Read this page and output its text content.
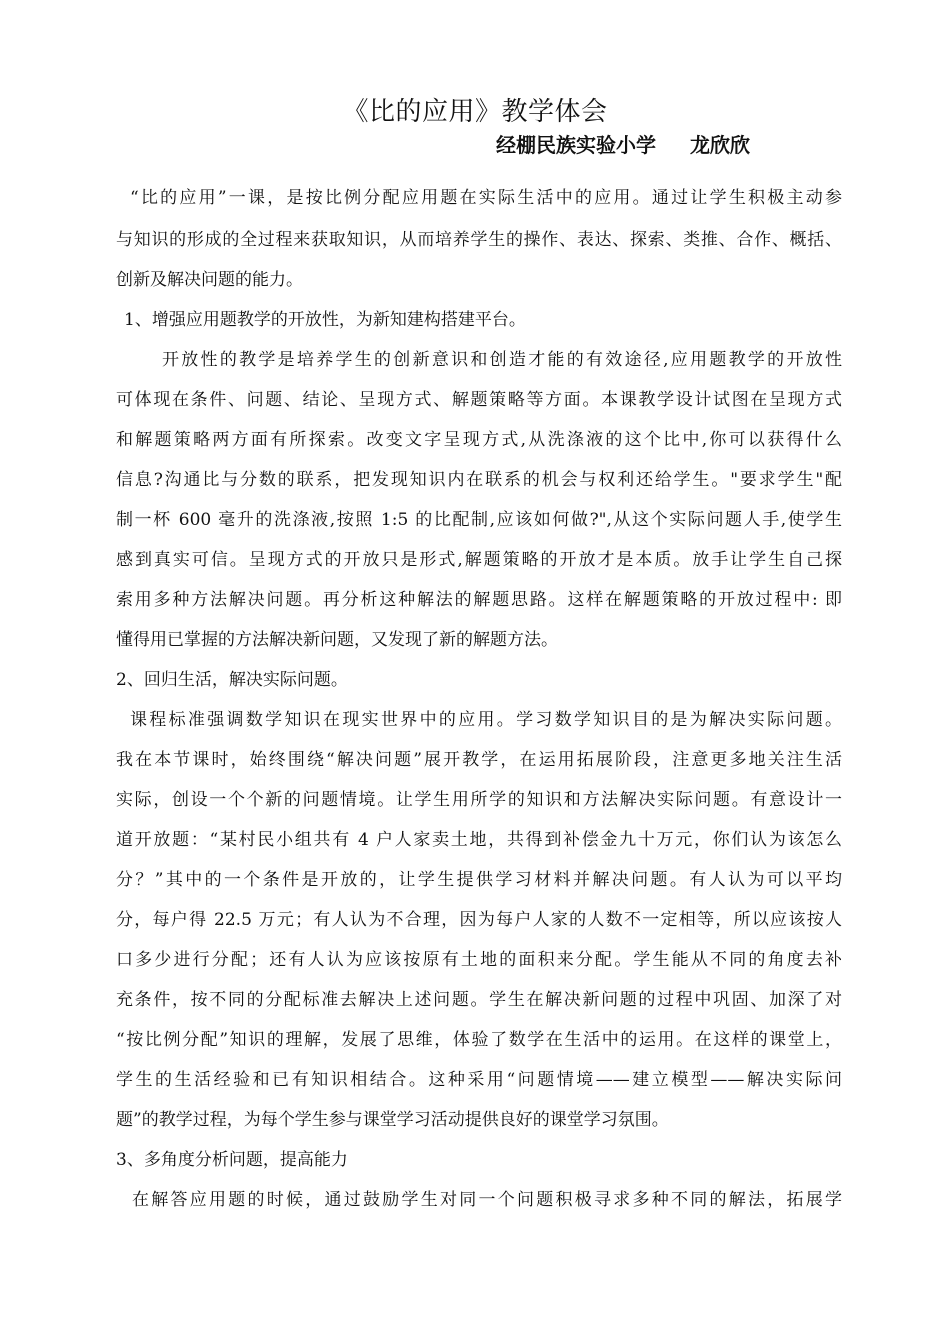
《比的应用》教学体会
经棚民族实验小学 龙欣欣
“比的应用”一课，是按比例分配应用题在实际生活中的应用。通过让学生积极主动参
与知识的形成的全过程来获取知识，从而培养学生的操作、表达、探索、类推、合作、概括、
创新及解决问题的能力。
1、增强应用题教学的开放性，为新知建构搭建平台。
开放性的教学是培养学生的创新意识和创造才能的有效途径,应用题教学的开放性
可体现在条件、问题、结论、呈现方式、解题策略等方面。本课教学设计试图在呈现方式
和解题策略两方面有所探索。改变文字呈现方式,从洗涤液的这个比中,你可以获得什么
信息?沟通比与分数的联系，把发现知识内在联系的机会与权利还给学生。"要求学生"配
制一杯 600 毫升的洗涤液,按照 1:5 的比配制,应该如何做?",从这个实际问题人手,使学生
感到真实可信。呈现方式的开放只是形式,解题策略的开放才是本质。放手让学生自己探
索用多种方法解决问题。再分析这种解法的解题思路。这样在解题策略的开放过程中: 即
懂得用已掌握的方法解决新问题，又发现了新的解题方法。
2、回归生活，解决实际问题。
课程标准强调数学知识在现实世界中的应用。学习数学知识目的是为解决实际问题。
我在本节课时，始终围绕“解决问题”展开教学，在运用拓展阶段，注意更多地关注生活
实际，创设一个个新的问题情境。让学生用所学的知识和方法解决实际问题。有意设计一
道开放题：“某村民小组共有 4 户人家卖土地，共得到补偿金九十万元，你们认为该怎么
分？”其中的一个条件是开放的，让学生提供学习材料并解决问题。有人认为可以平均
分，每户得 22.5 万元；有人认为不合理，因为每户人家的人数不一定相等，所以应该按人
口多少进行分配；还有人认为应该按原有土地的面积来分配。学生能从不同的角度去补
充条件，按不同的分配标准去解决上述问题。学生在解决新问题的过程中巩固、加深了对
“按比例分配”知识的理解，发展了思维，体验了数学在生活中的运用。在这样的课堂上，
学生的生活经验和已有知识相结合。这种采用“问题情境——建立模型——解决实际问
题”的教学过程，为每个学生参与课堂学习活动提供良好的课堂学习氛围。
3、多角度分析问题，提高能力
在解答应用题的时候，通过鼓励学生对同一个问题积极寻求多种不同的解法，拓展学
